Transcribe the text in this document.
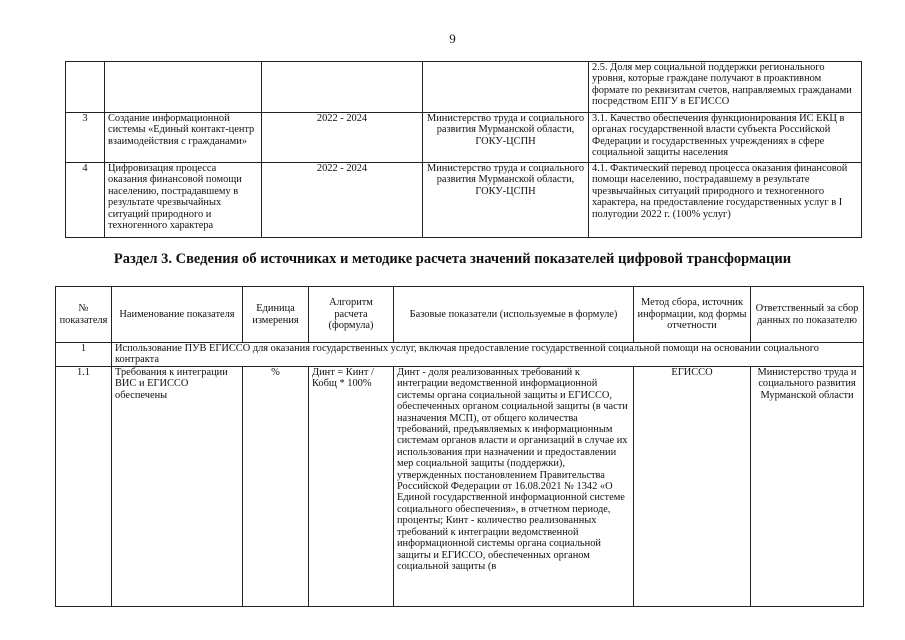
9
				2.5. Доля мер социальной поддержки регионального уровня, которые граждане получают в проактивном формате по реквизитам счетов, направляемых гражданами посредством ЕПГУ в ЕГИССО
3	Создание информационной системы «Единый контакт-центр взаимодействия с гражданами»	2022 - 2024	Министерство труда и социального развития Мурманской области, ГОКУ-ЦСПН	3.1. Качество обеспечения функционирования ИС ЕКЦ в органах государственной власти субъекта Российской Федерации и государственных учреждениях в сфере социальной защиты населения
4	Цифровизация процесса оказания финансовой помощи населению, пострадавшему в результате чрезвычайных ситуаций природного и техногенного характера	2022 - 2024	Министерство труда и социального развития Мурманской области, ГОКУ-ЦСПН	4.1. Фактический перевод процесса оказания финансовой помощи населению, пострадавшему в результате чрезвычайных ситуаций природного и техногенного характера, на предоставление государственных услуг в I полугодии 2022 г. (100% услуг)
Раздел 3. Сведения об источниках и методике расчета значений показателей цифровой трансформации
№ показателя	Наименование показателя	Единица измерения	Алгоритм расчета (формула)	Базовые показатели (используемые в формуле)	Метод сбора, источник информации, код формы отчетности	Ответственный за сбор данных по показателю
1	Использование ПУВ ЕГИССО для оказания государственных услуг, включая предоставление государственной социальной помощи на основании социального контракта					
1.1	Требования к интеграции ВИС и ЕГИССО обеспечены	%	Динт = Кинт / Кобщ * 100%	Динт - доля реализованных требований к интеграции ведомственной информационной системы органа социальной защиты и ЕГИССО, обеспеченных органом социальной защиты (в части назначения МСП), от общего количества требований, предъявляемых к информационным системам органов власти и организаций в случае их использования при назначении и предоставлении мер социальной защиты (поддержки), утвержденных постановлением Правительства Российской Федерации от 16.08.2021 № 1342 «О Единой государственной информационной системе социального обеспечения», в отчетном периоде, проценты; Кинт - количество реализованных требований к интеграции ведомственной информационной системы органа социальной защиты и ЕГИССО, обеспеченных органом социальной защиты (в	ЕГИССО	Министерство труда и социального развития Мурманской области
